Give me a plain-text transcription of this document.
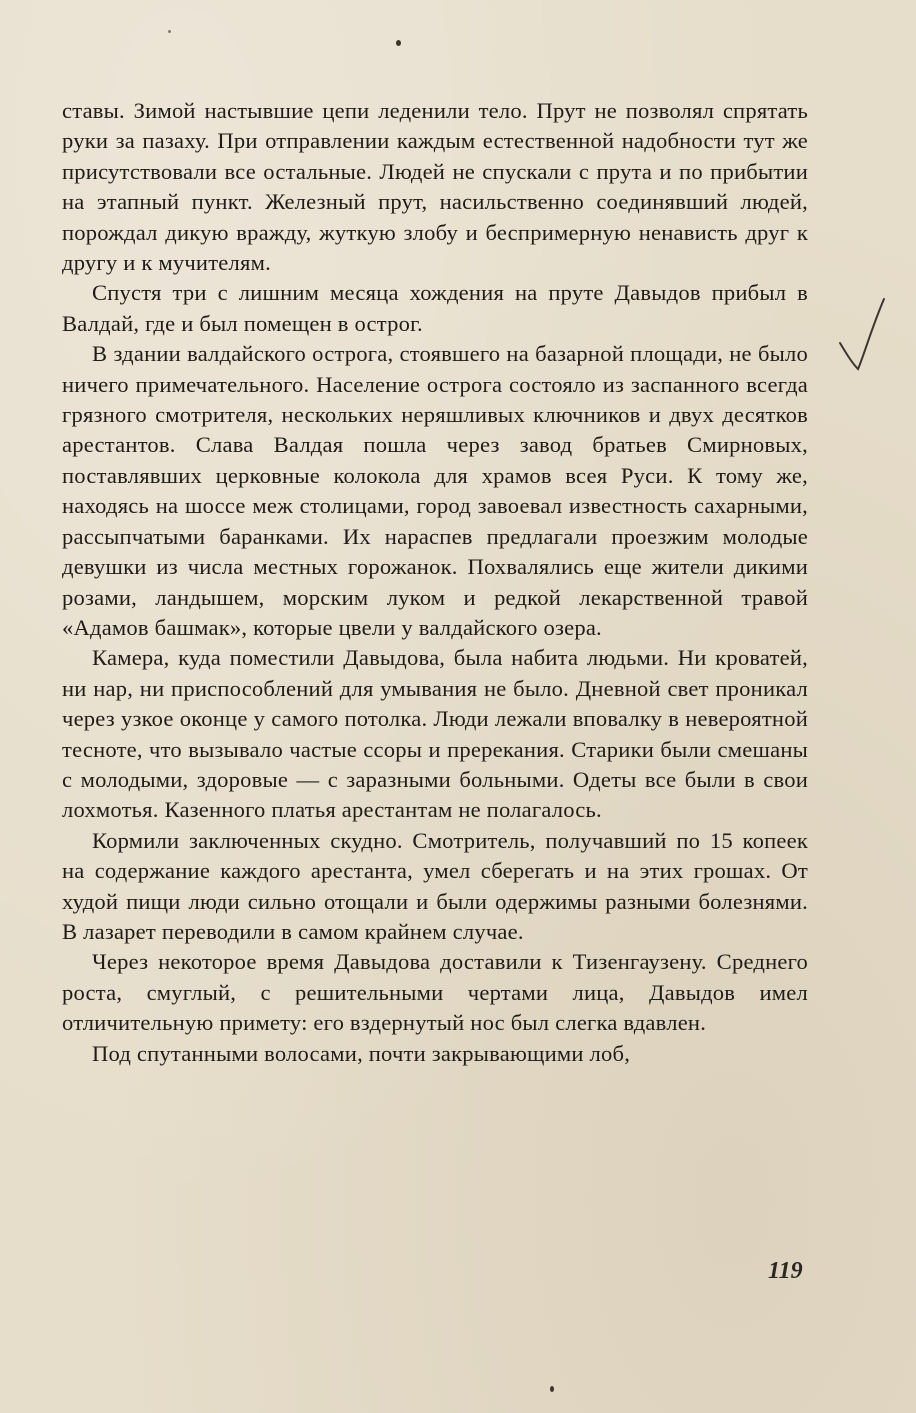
ставы. Зимой настывшие цепи леденили тело. Прут не позволял спрятать руки за пазаху. При отправлении каждым естественной надобности тут же присутствовали все остальные. Людей не спускали с прута и по прибытии на этапный пункт. Железный прут, насильственно соединявший людей, порождал дикую вражду, жуткую злобу и беспримерную ненависть друг к другу и к мучителям.

Спустя три с лишним месяца хождения на пруте Давыдов прибыл в Валдай, где и был помещен в острог.

В здании валдайского острога, стоявшего на базарной площади, не было ничего примечательного. Население острога состояло из заспанного всегда грязного смотрителя, нескольких неряшливых ключников и двух десятков арестантов. Слава Валдая пошла через завод братьев Смирновых, поставлявших церковные колокола для храмов всея Руси. К тому же, находясь на шоссе меж столицами, город завоевал известность сахарными, рассыпчатыми баранками. Их нараспев предлагали проезжим молодые девушки из числа местных горожанок. Похвалялись еще жители дикими розами, ландышем, морским луком и редкой лекарственной травой «Адамов башмак», которые цвели у валдайского озера.

Камера, куда поместили Давыдова, была набита людьми. Ни кроватей, ни нар, ни приспособлений для умывания не было. Дневной свет проникал через узкое оконце у самого потолка. Люди лежали вповалку в невероятной тесноте, что вызывало частые ссоры и пререкания. Старики были смешаны с молодыми, здоровые — с заразными больными. Одеты все были в свои лохмотья. Казенного платья арестантам не полагалось.

Кормили заключенных скудно. Смотритель, получавший по 15 копеек на содержание каждого арестанта, умел сберегать и на этих грошах. От худой пищи люди сильно отощали и были одержимы разными болезнями. В лазарет переводили в самом крайнем случае.

Через некоторое время Давыдова доставили к Тизенгаузену. Среднего роста, смуглый, с решительными чертами лица, Давыдов имел отличительную примету: его вздернутый нос был слегка вдавлен.

Под спутанными волосами, почти закрывающими лоб,

119
